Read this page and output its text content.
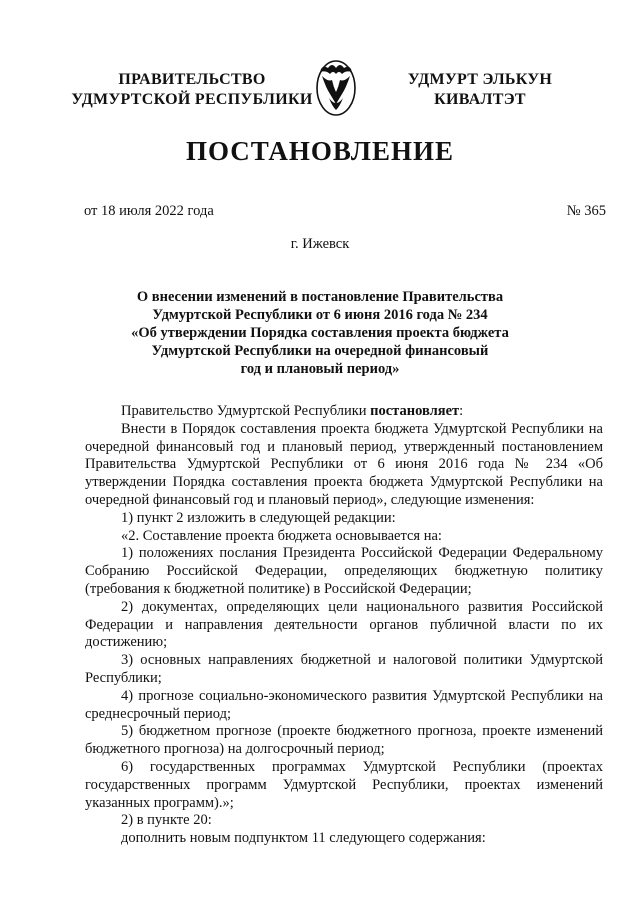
ПРАВИТЕЛЬСТВО
УДМУРТСКОЙ РЕСПУБЛИКИ
УДМУРТ ЭЛЬКУН
КИВАЛТЭТ
ПОСТАНОВЛЕНИЕ
от 18 июля 2022 года	№ 365
г. Ижевск
О внесении изменений в постановление Правительства
Удмуртской Республики от 6 июня 2016 года № 234
«Об утверждении Порядка составления проекта бюджета
Удмуртской Республики на очередной финансовый
год и плановый период»

Правительство Удмуртской Республики постановляет:

Внести в Порядок составления проекта бюджета Удмуртской Республики на очередной финансовый год и плановый период, утвержденный постановлением Правительства Удмуртской Республики от 6 июня 2016 года № 234 «Об утверждении Порядка составления проекта бюджета Удмуртской Республики на очередной финансовый год и плановый период», следующие изменения:

1) пункт 2 изложить в следующей редакции:

«2. Составление проекта бюджета основывается на:

1) положениях послания Президента Российской Федерации Федеральному Собранию Российской Федерации, определяющих бюджетную политику (требования к бюджетной политике) в Российской Федерации;

2) документах, определяющих цели национального развития Российской Федерации и направления деятельности органов публичной власти по их достижению;

3) основных направлениях бюджетной и налоговой политики Удмуртской Республики;

4) прогнозе социально-экономического развития Удмуртской Республики на среднесрочный период;

5) бюджетном прогнозе (проекте бюджетного прогноза, проекте изменений бюджетного прогноза) на долгосрочный период;

6) государственных программах Удмуртской Республики (проектах государственных программ Удмуртской Республики, проектах изменений указанных программ).»;

2) в пункте 20:

дополнить новым подпунктом 11 следующего содержания:
